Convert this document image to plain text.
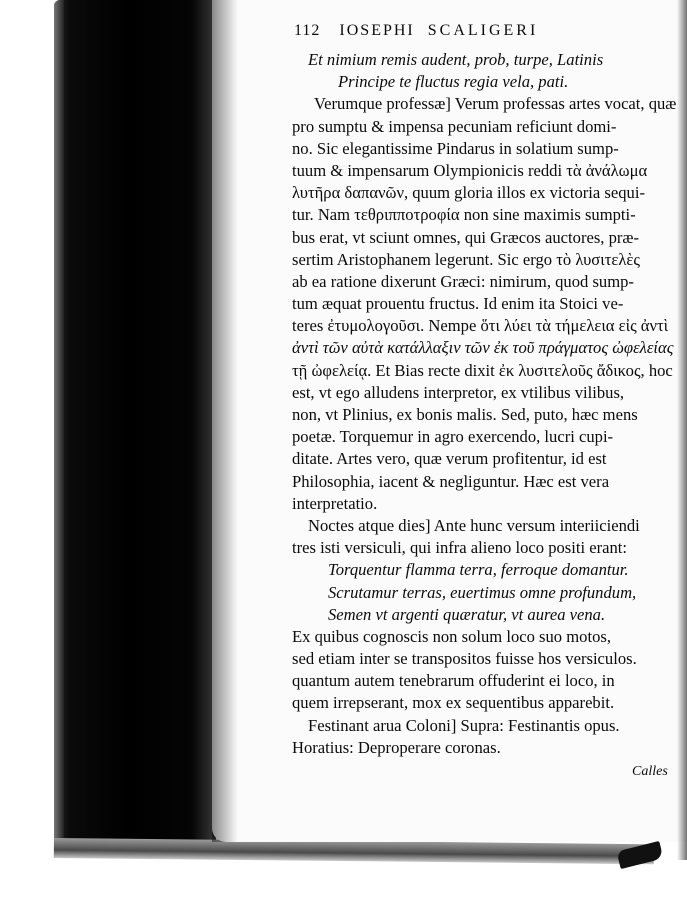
112 IOSEPHI SCALIGERI
Et nimium remis audent, prob, turpe, Latinis
Principe te fluctus regia vela, pati.
Verumque professæ] Verum professas artes vocat, quæ
pro sumptu & impensa pecuniam reficiunt domi-
no. Sic elegantissime Pindarus in solatium sump-
tuum & impensarum Olympionicis reddi τὰ ἀνάλωμα
λυτῆρα δαπανῶν, quum gloria illos ex victoria sequi-
tur. Nam τεθριπποτροφία non sine maximis sumpti-
bus erat, vt sciunt omnes, qui Græcos auctores, præ-
sertim Aristophanem legerunt. Sic ergo τὸ λυσιτελὲς
ab ea ratione dixerunt Græci: nimirum, quod sump-
tum æquat prouentu fructus. Id enim ita Stoici ve-
teres ἐτυμολογοῦσι. Nempe ὅτι λύει τὰ τήμελεια εἰς ἀντὶ
ἀντὶ τῶν αὐτὰ κατάλλαξιν τῶν ἐκ τοῦ πράγματος ὠφελείας
τῇ ὠφελείᾳ. Et Bias recte dixit ἐκ λυσιτελοῦς ἄδικος, hoc
est, vt ego alludens interpretor, ex vtilibus vilibus,
non, vt Plinius, ex bonis malis. Sed, puto, hæc mens
poetæ. Torquemur in agro exercendo, lucri cupi-
ditate. Artes vero, quæ verum profitentur, id est
Philosophia, iacent & negliguntur. Hæc est vera
interpretatio.
Noctes atque dies] Ante hunc versum interiiciendi
tres isti versiculi, qui infra alieno loco positi erant:
Torquentur flamma terra, ferroque domantur.
Scrutamur terras, euertimus omne profundum,
Semen vt argenti quæratur, vt aurea vena.
Ex quibus cognoscis non solum loco suo motos,
sed etiam inter se transpositos fuisse hos versiculos.
quantum autem tenebrarum offuderint ei loco, in
quem irrepserant, mox ex sequentibus apparebit.
Festinant arua Coloni] Supra: Festinantis opus.
Horatius: Deproperare coronas.
Calles
